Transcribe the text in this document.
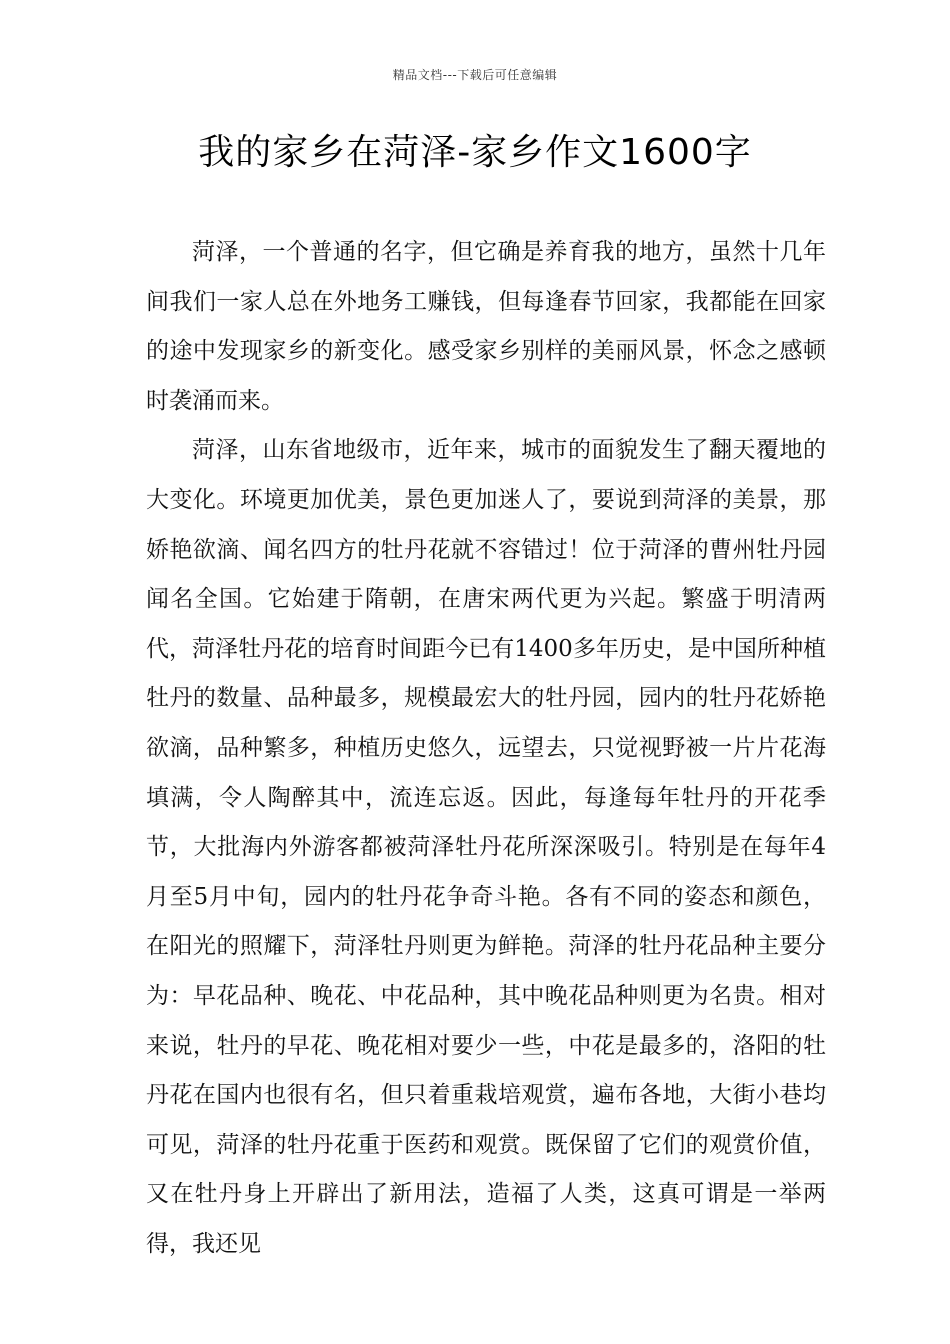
精品文档---下载后可任意编辑
我的家乡在菏泽-家乡作文1600字

菏泽，一个普通的名字，但它确是养育我的地方，虽然十几年间我们一家人总在外地务工赚钱，但每逢春节回家，我都能在回家的途中发现家乡的新变化。感受家乡别样的美丽风景，怀念之感顿时袭涌而来。

菏泽，山东省地级市，近年来，城市的面貌发生了翻天覆地的大变化。环境更加优美，景色更加迷人了，要说到菏泽的美景，那娇艳欲滴、闻名四方的牡丹花就不容错过！位于菏泽的曹州牡丹园闻名全国。它始建于隋朝，在唐宋两代更为兴起。繁盛于明清两代，菏泽牡丹花的培育时间距今已有1400多年历史，是中国所种植牡丹的数量、品种最多，规模最宏大的牡丹园，园内的牡丹花娇艳欲滴，品种繁多，种植历史悠久，远望去，只觉视野被一片片花海填满，令人陶醉其中，流连忘返。因此，每逢每年牡丹的开花季节，大批海内外游客都被菏泽牡丹花所深深吸引。特别是在每年4月至5月中旬，园内的牡丹花争奇斗艳。各有不同的姿态和颜色，在阳光的照耀下，菏泽牡丹则更为鲜艳。菏泽的牡丹花品种主要分为：早花品种、晚花、中花品种，其中晚花品种则更为名贵。相对来说，牡丹的早花、晚花相对要少一些，中花是最多的，洛阳的牡丹花在国内也很有名，但只着重栽培观赏，遍布各地，大街小巷均可见，菏泽的牡丹花重于医药和观赏。既保留了它们的观赏价值，又在牡丹身上开辟出了新用法，造福了人类，这真可谓是一举两得，我还见
